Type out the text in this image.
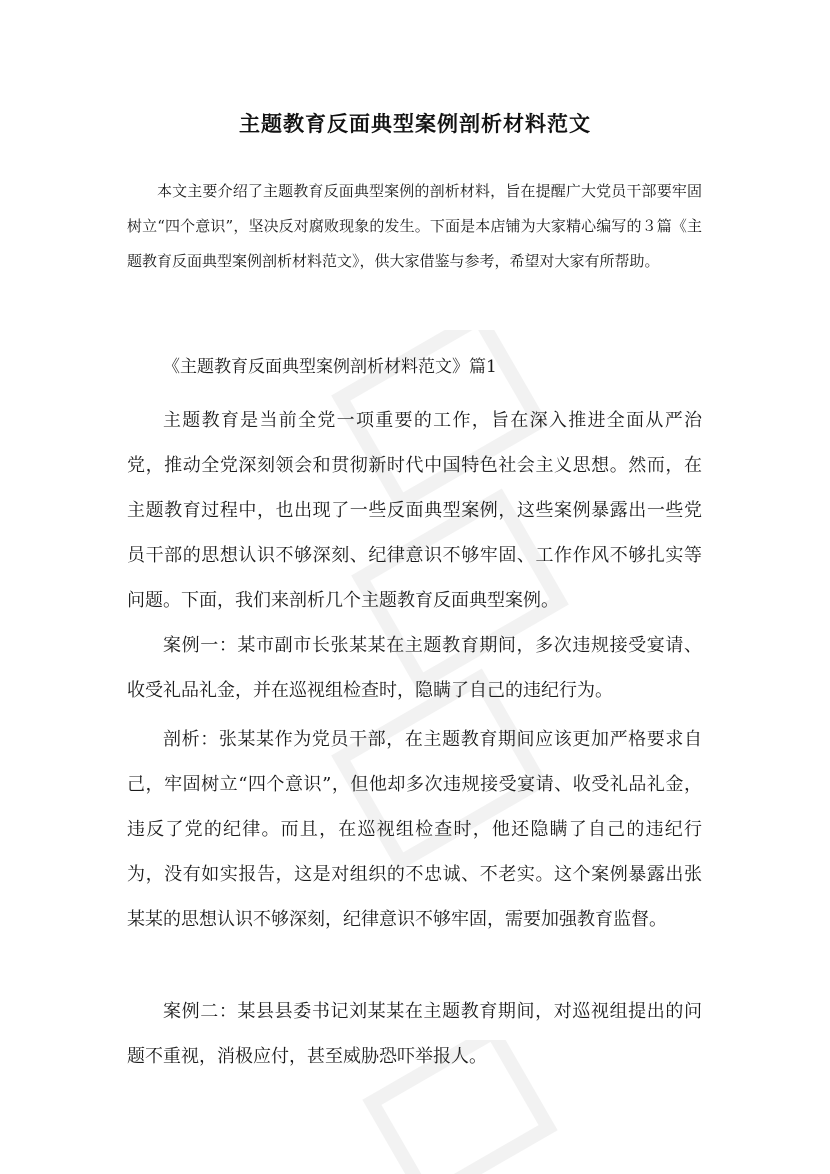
主题教育反面典型案例剖析材料范文

本文主要介绍了主题教育反面典型案例的剖析材料，旨在提醒广大党员干部要牢固树立“四个意识”，坚决反对腐败现象的发生。下面是本店铺为大家精心编写的３篇《主题教育反面典型案例剖析材料范文》，供大家借鉴与参考，希望对大家有所帮助。

《主题教育反面典型案例剖析材料范文》篇1

主题教育是当前全党一项重要的工作，旨在深入推进全面从严治党，推动全党深刻领会和贯彻新时代中国特色社会主义思想。然而，在主题教育过程中，也出现了一些反面典型案例，这些案例暴露出一些党员干部的思想认识不够深刻、纪律意识不够牢固、工作作风不够扎实等问题。下面，我们来剖析几个主题教育反面典型案例。

案例一：某市副市长张某某在主题教育期间，多次违规接受宴请、收受礼品礼金，并在巡视组检查时，隐瞒了自己的违纪行为。

剖析：张某某作为党员干部，在主题教育期间应该更加严格要求自己，牢固树立“四个意识”，但他却多次违规接受宴请、收受礼品礼金，违反了党的纪律。而且，在巡视组检查时，他还隐瞒了自己的违纪行为，没有如实报告，这是对组织的不忠诚、不老实。这个案例暴露出张某某的思想认识不够深刻，纪律意识不够牢固，需要加强教育监督。

案例二：某县县委书记刘某某在主题教育期间，对巡视组提出的问题不重视，消极应付，甚至威胁恐吓举报人。
